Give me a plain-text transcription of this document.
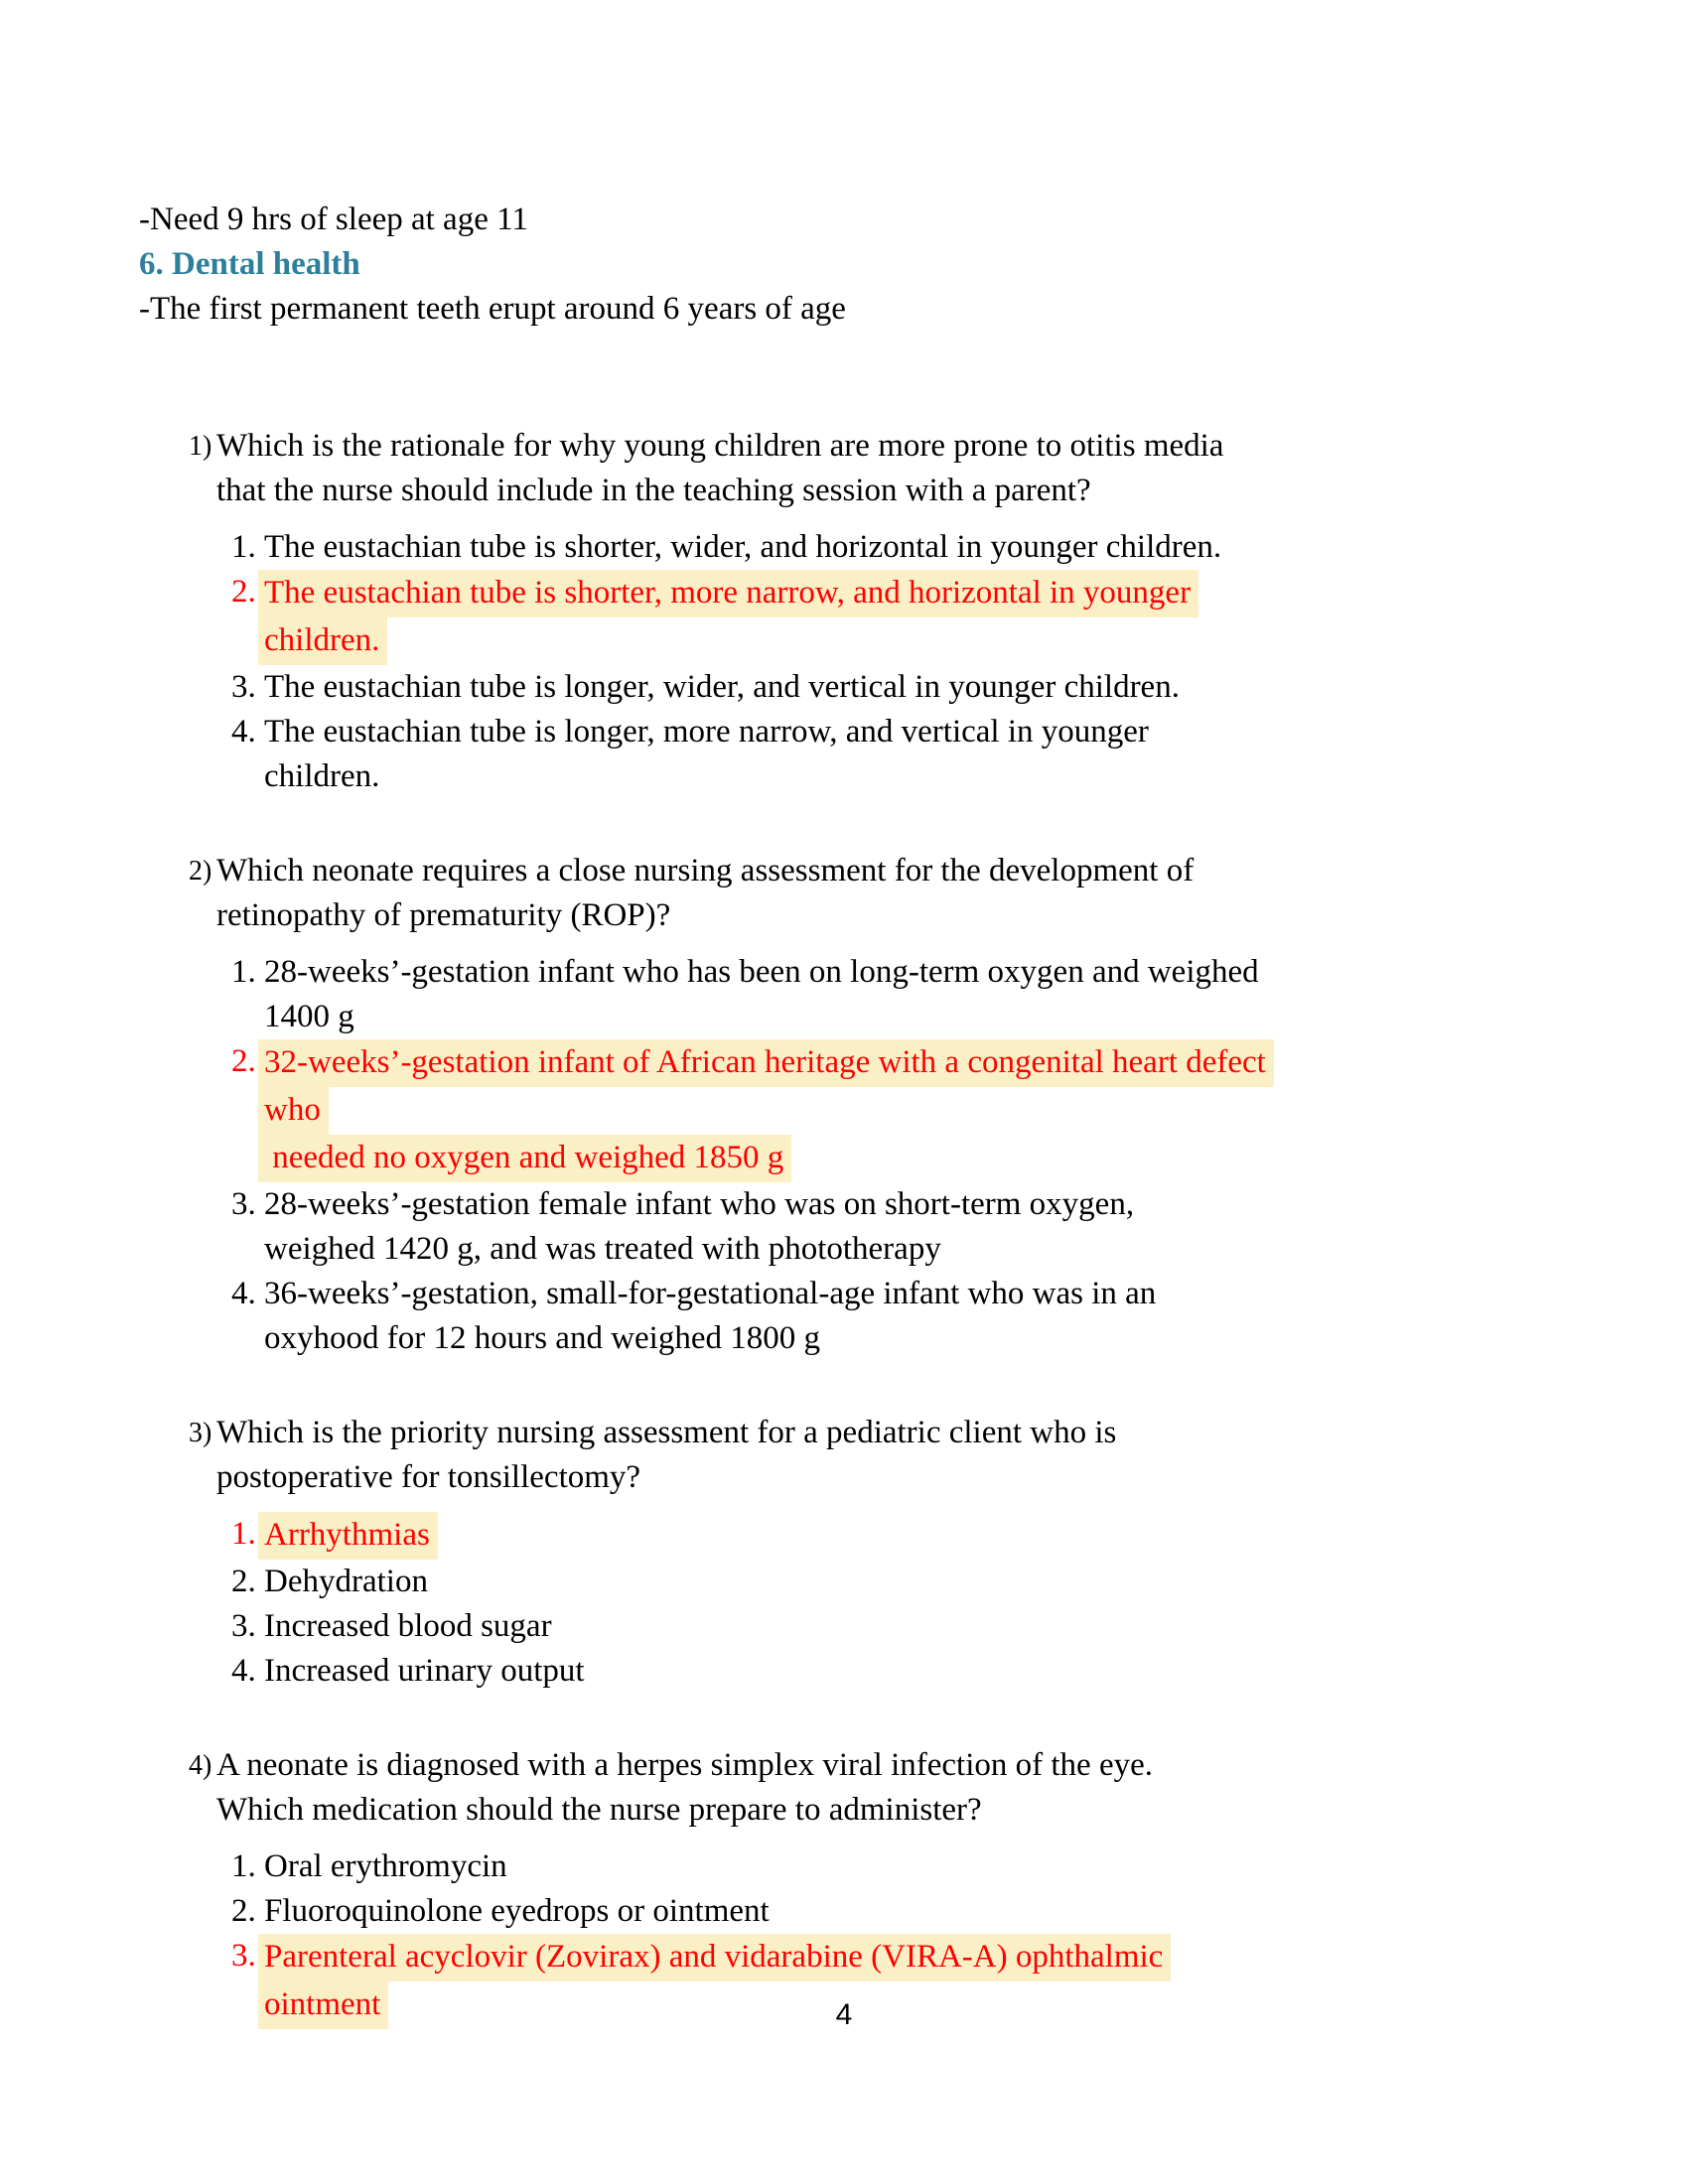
-Need 9 hrs of sleep at age 11
6. Dental health
-The first permanent teeth erupt around 6 years of age
1) Which is the rationale for why young children are more prone to otitis media
that the nurse should include in the teaching session with a parent?
1. The eustachian tube is shorter, wider, and horizontal in younger children.
2. The eustachian tube is shorter, more narrow, and horizontal in younger
children.
3. The eustachian tube is longer, wider, and vertical in younger children.
4. The eustachian tube is longer, more narrow, and vertical in younger
children.
2) Which neonate requires a close nursing assessment for the development of
retinopathy of prematurity (ROP)?
1. 28-weeks’-gestation infant who has been on long-term oxygen and weighed
1400 g
2. 32-weeks’-gestation infant of African heritage with a congenital heart defect
who
needed no oxygen and weighed 1850 g
3. 28-weeks’-gestation female infant who was on short-term oxygen,
weighed 1420 g, and was treated with phototherapy
4. 36-weeks’-gestation, small-for-gestational-age infant who was in an
oxyhood for 12 hours and weighed 1800 g
3) Which is the priority nursing assessment for a pediatric client who is
postoperative for tonsillectomy?
1. Arrhythmias
2. Dehydration
3. Increased blood sugar
4. Increased urinary output
4) A neonate is diagnosed with a herpes simplex viral infection of the eye.
Which medication should the nurse prepare to administer?
1. Oral erythromycin
2. Fluoroquinolone eyedrops or ointment
3. Parenteral acyclovir (Zovirax) and vidarabine (VIRA-A) ophthalmic
ointment	4
